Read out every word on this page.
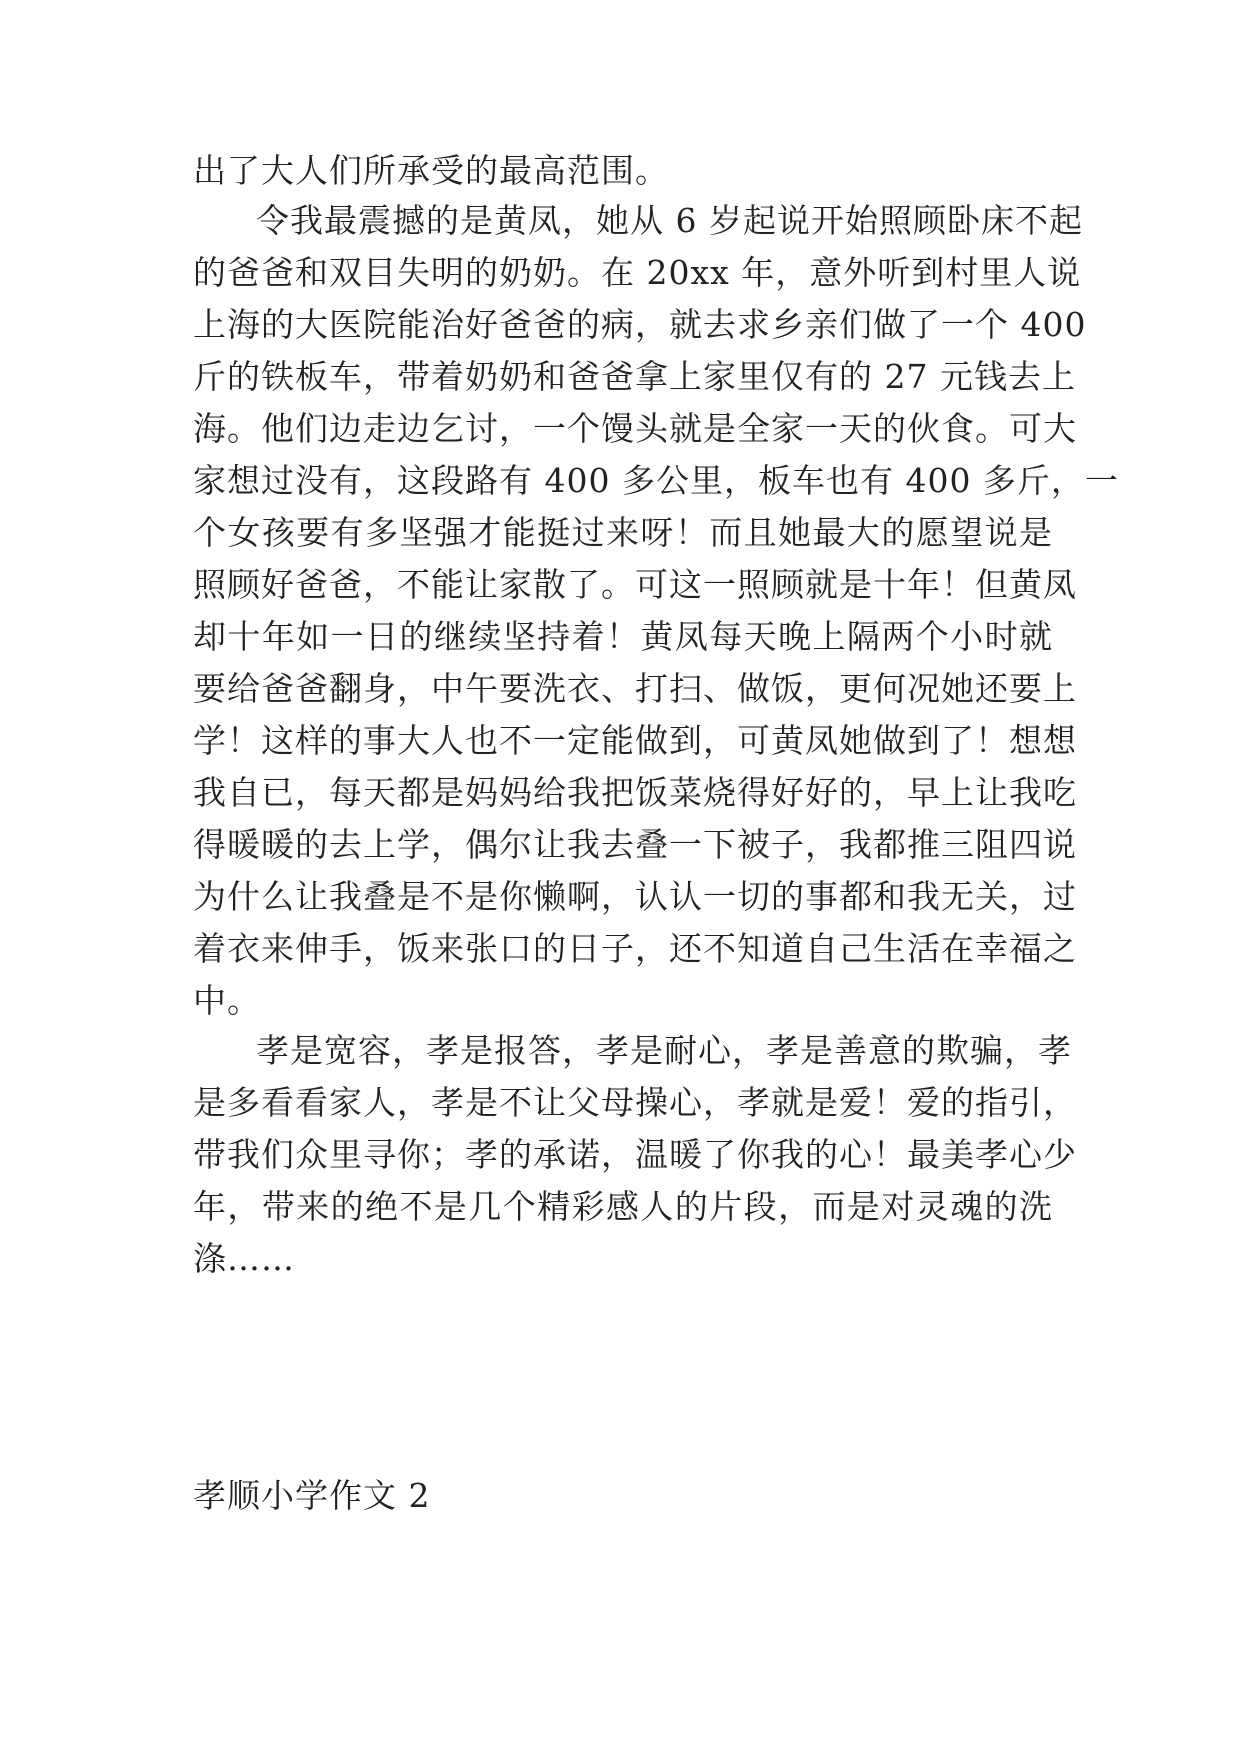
出了大人们所承受的最高范围。
令我最震撼的是黄凤，她从 6 岁起说开始照顾卧床不起
的爸爸和双目失明的奶奶。在 20xx 年，意外听到村里人说
上海的大医院能治好爸爸的病，就去求乡亲们做了一个 400
斤的铁板车，带着奶奶和爸爸拿上家里仅有的 27 元钱去上
海。他们边走边乞讨，一个馒头就是全家一天的伙食。可大
家想过没有，这段路有 400 多公里，板车也有 400 多斤，一
个女孩要有多坚强才能挺过来呀！而且她最大的愿望说是
照顾好爸爸，不能让家散了。可这一照顾就是十年！但黄凤
却十年如一日的继续坚持着！黄凤每天晚上隔两个小时就
要给爸爸翻身，中午要洗衣、打扫、做饭，更何况她还要上
学！这样的事大人也不一定能做到，可黄凤她做到了！想想
我自已，每天都是妈妈给我把饭菜烧得好好的，早上让我吃
得暖暖的去上学，偶尔让我去叠一下被子，我都推三阻四说
为什么让我叠是不是你懒啊，认认一切的事都和我无关，过
着衣来伸手，饭来张口的日子，还不知道自己生活在幸福之
中。
孝是宽容，孝是报答，孝是耐心，孝是善意的欺骗，孝
是多看看家人，孝是不让父母操心，孝就是爱！爱的指引，
带我们众里寻你；孝的承诺，温暖了你我的心！最美孝心少
年，带来的绝不是几个精彩感人的片段，而是对灵魂的洗
涤……
孝顺小学作文 2
